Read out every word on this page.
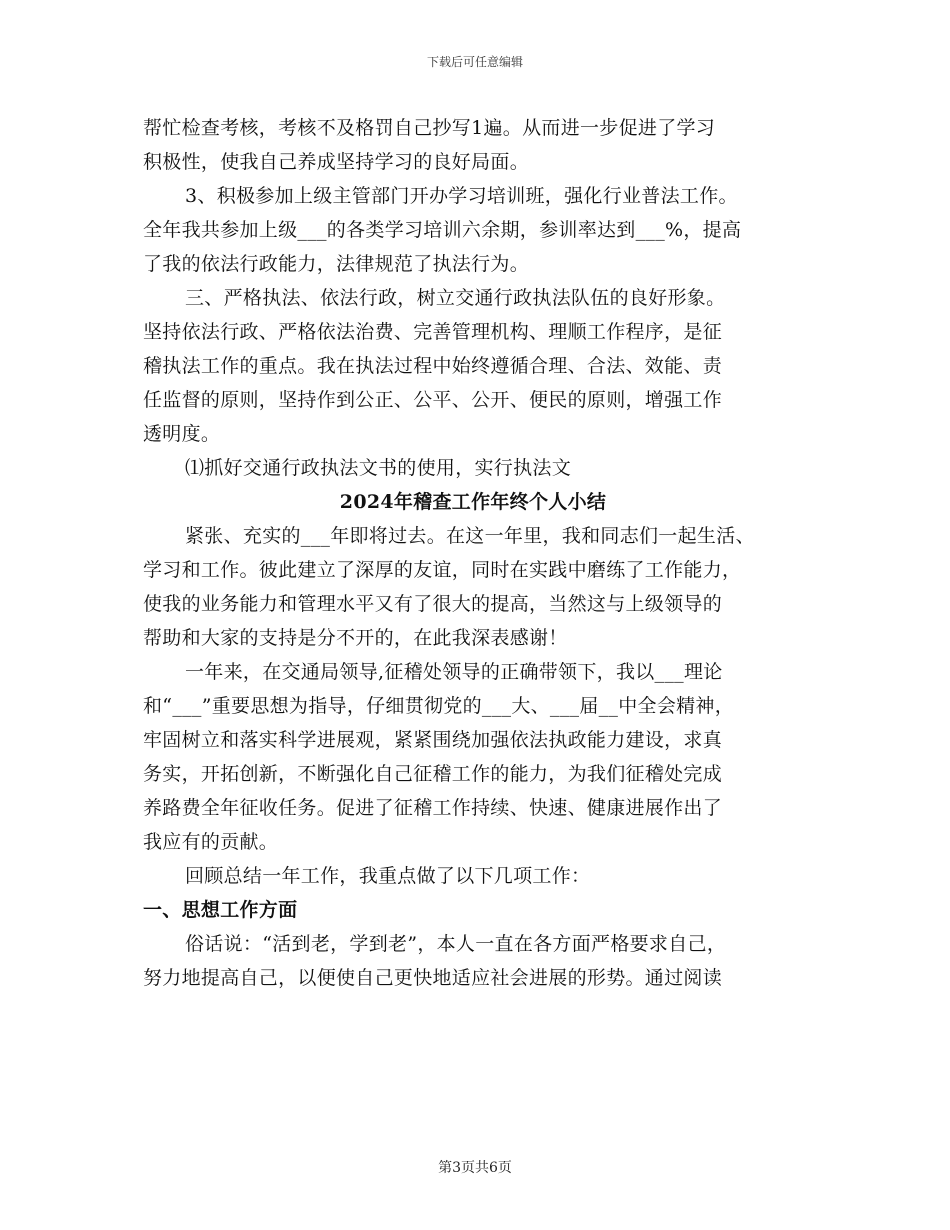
下载后可任意编辑
帮忙检查考核，考核不及格罚自己抄写1遍。从而进一步促进了学习
积极性，使我自己养成坚持学习的良好局面。
3、积极参加上级主管部门开办学习培训班，强化行业普法工作。
全年我共参加上级___的各类学习培训六余期，参训率达到___%，提高
了我的依法行政能力，法律规范了执法行为。
三、严格执法、依法行政，树立交通行政执法队伍的良好形象。
坚持依法行政、严格依法治费、完善管理机构、理顺工作程序，是征
稽执法工作的重点。我在执法过程中始终遵循合理、合法、效能、责
任监督的原则，坚持作到公正、公平、公开、便民的原则，增强工作
透明度。
⑴抓好交通行政执法文书的使用，实行执法文
2024年稽查工作年终个人小结
紧张、充实的___年即将过去。在这一年里，我和同志们一起生活、
学习和工作。彼此建立了深厚的友谊，同时在实践中磨练了工作能力，
使我的业务能力和管理水平又有了很大的提高，当然这与上级领导的
帮助和大家的支持是分不开的，在此我深表感谢！
一年来，在交通局领导,征稽处领导的正确带领下，我以___理论
和“___”重要思想为指导，仔细贯彻党的___大、___届__中全会精神，
牢固树立和落实科学进展观，紧紧围绕加强依法执政能力建设，求真
务实，开拓创新，不断强化自己征稽工作的能力，为我们征稽处完成
养路费全年征收任务。促进了征稽工作持续、快速、健康进展作出了
我应有的贡献。
回顾总结一年工作，我重点做了以下几项工作：
一、思想工作方面
俗话说：“活到老，学到老”，本人一直在各方面严格要求自己，
努力地提高自己，以便使自己更快地适应社会进展的形势。通过阅读
第3页共6页
